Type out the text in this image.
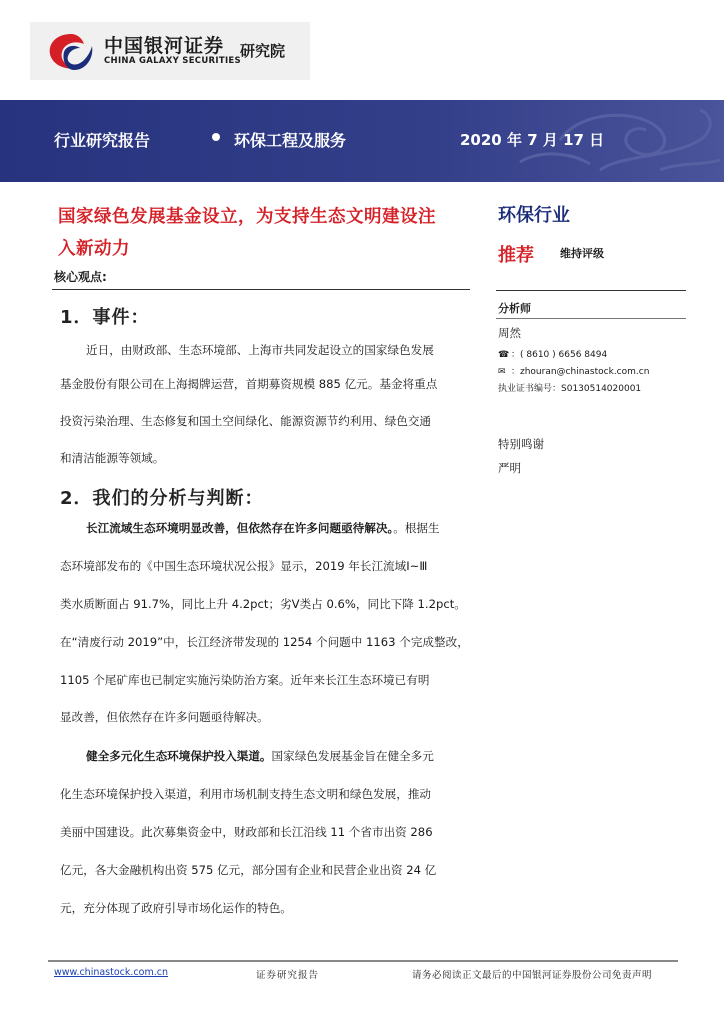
中国银河证券
CHINA GALAXY SECURITIES
研究院
行业研究报告	环保工程及服务	2020 年 7 月 17 日
国家绿色发展基金设立，为支持生态文明建设注
入新动力
核心观点:
1．事件：
近日，由财政部、生态环境部、上海市共同发起设立的国家绿色发展
基金股份有限公司在上海揭牌运营，首期募资规模 885 亿元。基金将重点
投资污染治理、生态修复和国土空间绿化、能源资源节约利用、绿色交通
和清洁能源等领域。
2．我们的分析与判断：
长江流域生态环境明显改善，但依然存在许多问题亟待解决。。根据生
态环境部发布的《中国生态环境状况公报》显示，2019 年长江流域Ⅰ~Ⅲ
类水质断面占 91.7%，同比上升 4.2pct；劣Ⅴ类占 0.6%，同比下降 1.2pct。
在“清废行动 2019”中，长江经济带发现的 1254 个问题中 1163 个完成整改，
1105 个尾矿库也已制定实施污染防治方案。近年来长江生态环境已有明
显改善，但依然存在许多问题亟待解决。
健全多元化生态环境保护投入渠道。国家绿色发展基金旨在健全多元
化生态环境保护投入渠道，利用市场机制支持生态文明和绿色发展，推动
美丽中国建设。此次募集资金中，财政部和长江沿线 11 个省市出资 286
亿元，各大金融机构出资 575 亿元，部分国有企业和民营企业出资 24 亿
元，充分体现了政府引导市场化运作的特色。
环保行业
推荐 维持评级
分析师
周然
☎ ：( 8610 ) 6656 8494
✉ ：zhouran@chinastock.com.cn
执业证书编号：S0130514020001
特别鸣谢
严明
www.chinastock.com.cn	证券研究报告	请务必阅读正文最后的中国银河证券股份公司免责声明
